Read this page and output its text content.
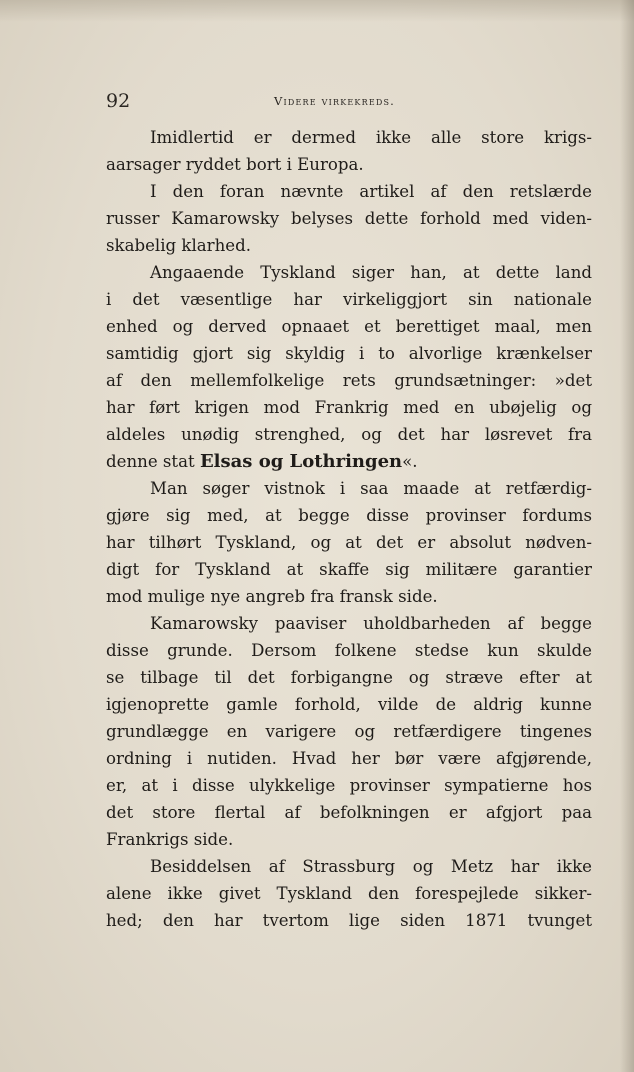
92	Videre virkekreds.
Imidlertid er dermed ikke alle store krigs-
aarsager ryddet bort i Europa.
I den foran nævnte artikel af den retslærde
russer Kamarowsky belyses dette forhold med viden-
skabelig klarhed.
Angaaende Tyskland siger han, at dette land
i det væsentlige har virkeliggjort sin nationale
enhed og derved opnaaet et berettiget maal, men
samtidig gjort sig skyldig i to alvorlige krænkelser
af den mellemfolkelige rets grundsætninger: »det
har ført krigen mod Frankrig med en ubøjelig og
aldeles unødig strenghed, og det har løsrevet fra
denne stat Elsas og Lothringen«.
Man søger vistnok i saa maade at retfærdig-
gjøre sig med, at begge disse provinser fordums
har tilhørt Tyskland, og at det er absolut nødven-
digt for Tyskland at skaffe sig militære garantier
mod mulige nye angreb fra fransk side.
Kamarowsky paaviser uholdbarheden af begge
disse grunde. Dersom folkene stedse kun skulde
se tilbage til det forbigangne og stræve efter at
igjenoprette gamle forhold, vilde de aldrig kunne
grundlægge en varigere og retfærdigere tingenes
ordning i nutiden. Hvad her bør være afgjørende,
er, at i disse ulykkelige provinser sympatierne hos
det store flertal af befolkningen er afgjort paa
Frankrigs side.
Besiddelsen af Strassburg og Metz har ikke
alene ikke givet Tyskland den forespejlede sikker-
hed; den har tvertom lige siden 1871 tvunget
